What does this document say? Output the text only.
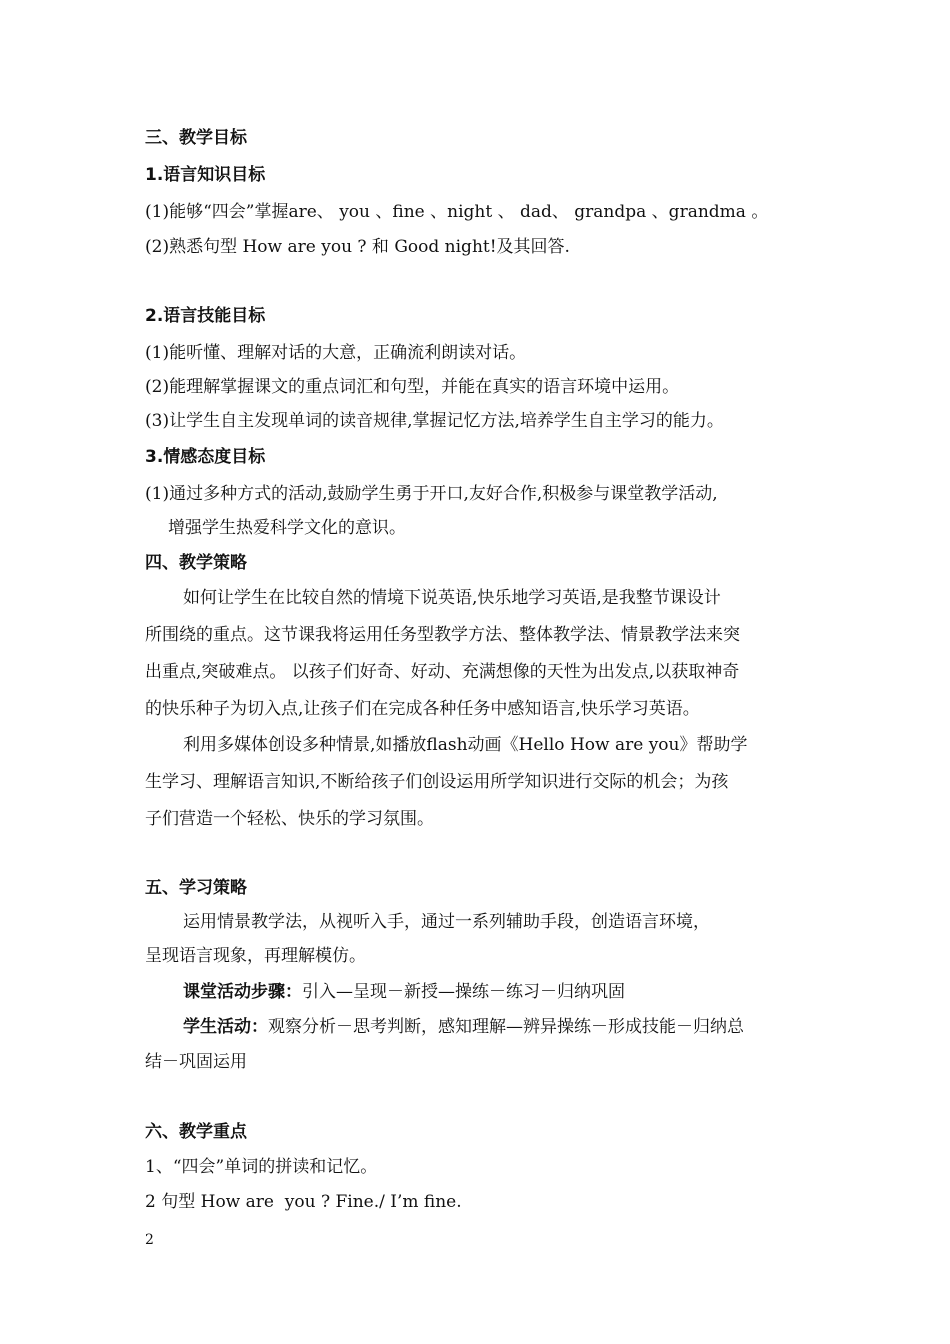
三、教学目标
1.语言知识目标
(1)能够“四会”掌握are、 you 、fine 、night 、 dad、 grandpa 、grandma 。
(2)熟悉句型 How are you ? 和 Good night!及其回答.
2.语言技能目标
(1)能听懂、理解对话的大意，正确流利朗读对话。
(2)能理解掌握课文的重点词汇和句型，并能在真实的语言环境中运用。
(3)让学生自主发现单词的读音规律,掌握记忆方法,培养学生自主学习的能力。
3.情感态度目标
(1)通过多种方式的活动,鼓励学生勇于开口,友好合作,积极参与课堂教学活动,
增强学生热爱科学文化的意识。
四、教学策略
如何让学生在比较自然的情境下说英语,快乐地学习英语,是我整节课设计
所围绕的重点。这节课我将运用任务型教学方法、整体教学法、情景教学法来突
出重点,突破难点。 以孩子们好奇、好动、充满想像的天性为出发点,以获取神奇
的快乐种子为切入点,让孩子们在完成各种任务中感知语言,快乐学习英语。
利用多媒体创设多种情景,如播放flash动画《Hello How are you》帮助学
生学习、理解语言知识,不断给孩子们创设运用所学知识进行交际的机会；为孩
子们营造一个轻松、快乐的学习氛围。
五、学习策略
运用情景教学法，从视听入手，通过一系列辅助手段，创造语言环境，
呈现语言现象，再理解模仿。
课堂活动步骤：引入—呈现－新授—操练－练习－归纳巩固
学生活动：观察分析－思考判断，感知理解—辨异操练－形成技能－归纳总
结－巩固运用
六、教学重点
1、“四会”单词的拼读和记忆。
2 句型 How are  you ? Fine./ I’m fine.
2
